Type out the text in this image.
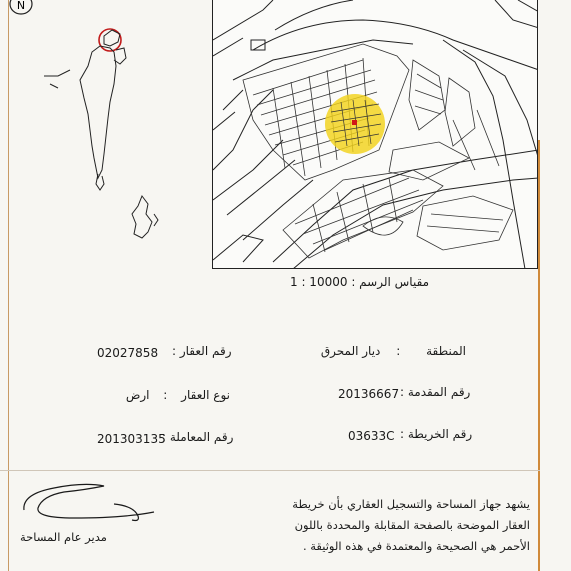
N
مقياس الرسم : 1 : 10000
المنطقة : ديار المحرق
02027858 رقم العقار :
20136667 رقم المقدمة :
نوع العقار : ارض
03633C رقم الخريطة :
201303135
رقم المعاملة :
يشهد جهاز المساحة والتسجيل العقاري بأن خريطة
العقار الموضحة بالصفحة المقابلة والمحددة باللون
الأحمر هي الصحيحة والمعتمدة في هذه الوثيقة .
مدير عام المساحة
